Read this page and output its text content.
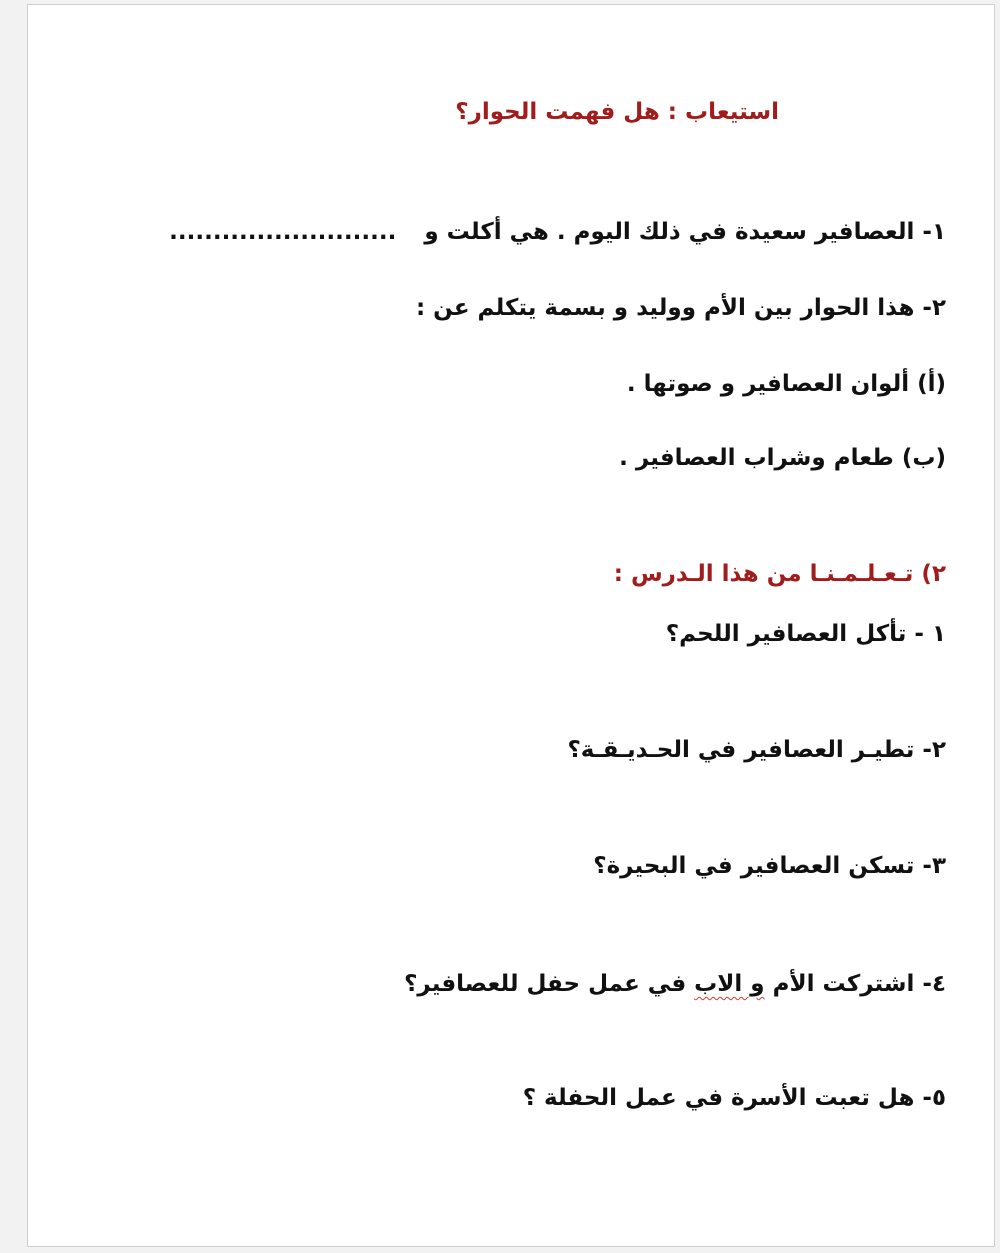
استيعاب : هل فهمت الحوار؟
١- العصافير سعيدة في ذلك اليوم . هي أكلت و..........................
٢- هذا الحوار بين الأم ووليد و بسمة يتكلم عن :
(أ) ألوان العصافير و صوتها .
(ب) طعام وشراب العصافير .
٢) تـعـلـمـنـا من هذا الـدرس :
١ - تأكل العصافير اللحم؟
٢- تطيـر العصافير في الحـديـقـة؟
٣- تسكن العصافير في البحيرة؟
٤- اشتركت الأم و الاب في عمل حفل للعصافير؟
٥- هل تعبت الأسرة في عمل الحفلة ؟
